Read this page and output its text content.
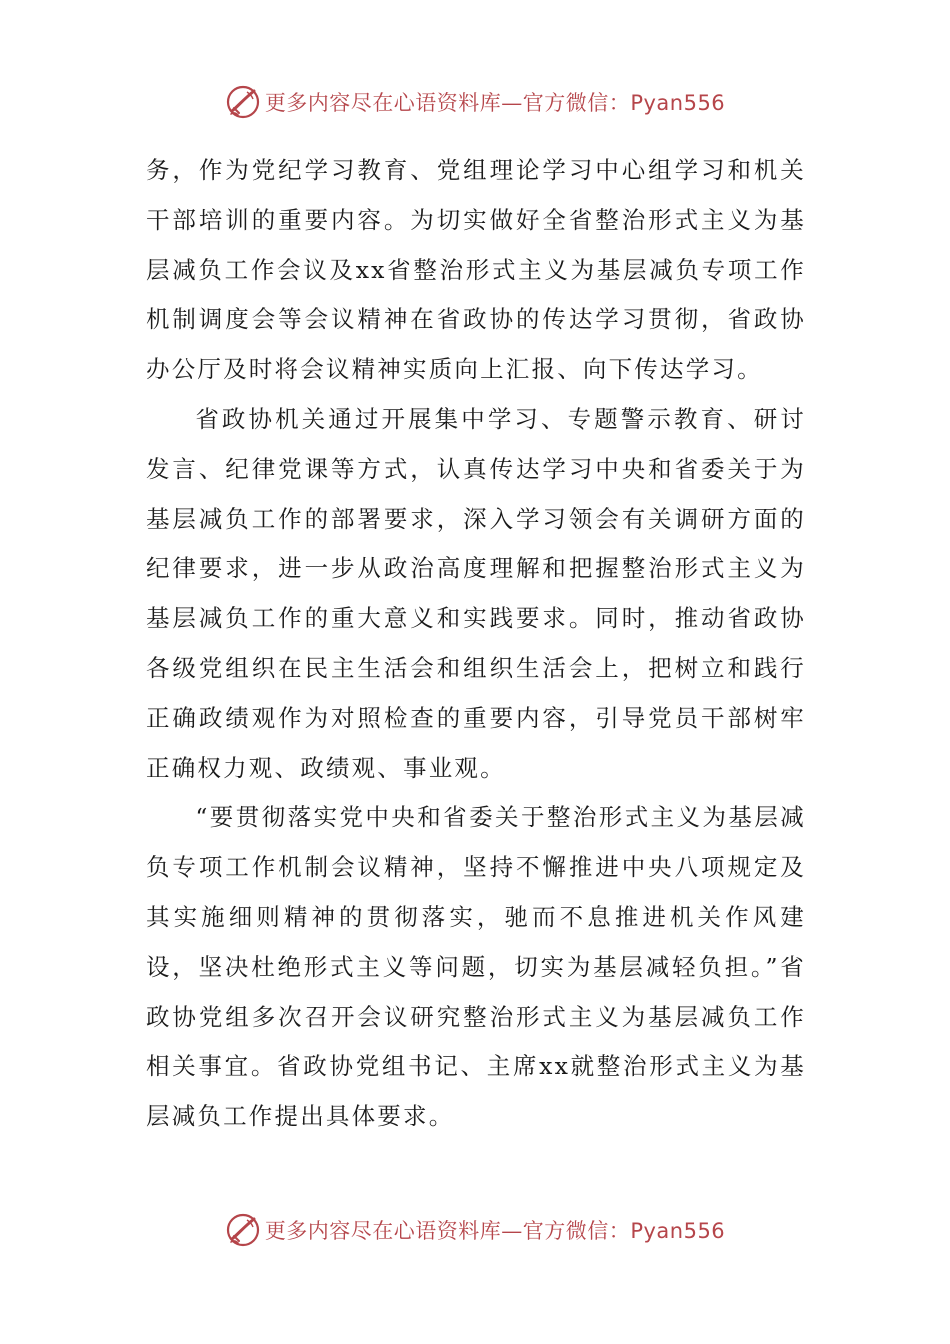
更多内容尽在心语资料库—官方微信：Pyan556

务，作为党纪学习教育、党组理论学习中心组学习和机关干部培训的重要内容。为切实做好全省整治形式主义为基层减负工作会议及xx省整治形式主义为基层减负专项工作机制调度会等会议精神在省政协的传达学习贯彻，省政协办公厅及时将会议精神实质向上汇报、向下传达学习。

省政协机关通过开展集中学习、专题警示教育、研讨发言、纪律党课等方式，认真传达学习中央和省委关于为基层减负工作的部署要求，深入学习领会有关调研方面的纪律要求，进一步从政治高度理解和把握整治形式主义为基层减负工作的重大意义和实践要求。同时，推动省政协各级党组织在民主生活会和组织生活会上，把树立和践行正确政绩观作为对照检查的重要内容，引导党员干部树牢正确权力观、政绩观、事业观。

“要贯彻落实党中央和省委关于整治形式主义为基层减负专项工作机制会议精神，坚持不懈推进中央八项规定及其实施细则精神的贯彻落实，驰而不息推进机关作风建设，坚决杜绝形式主义等问题，切实为基层减轻负担。”省政协党组多次召开会议研究整治形式主义为基层减负工作相关事宜。省政协党组书记、主席xx就整治形式主义为基层减负工作提出具体要求。

更多内容尽在心语资料库—官方微信：Pyan556
